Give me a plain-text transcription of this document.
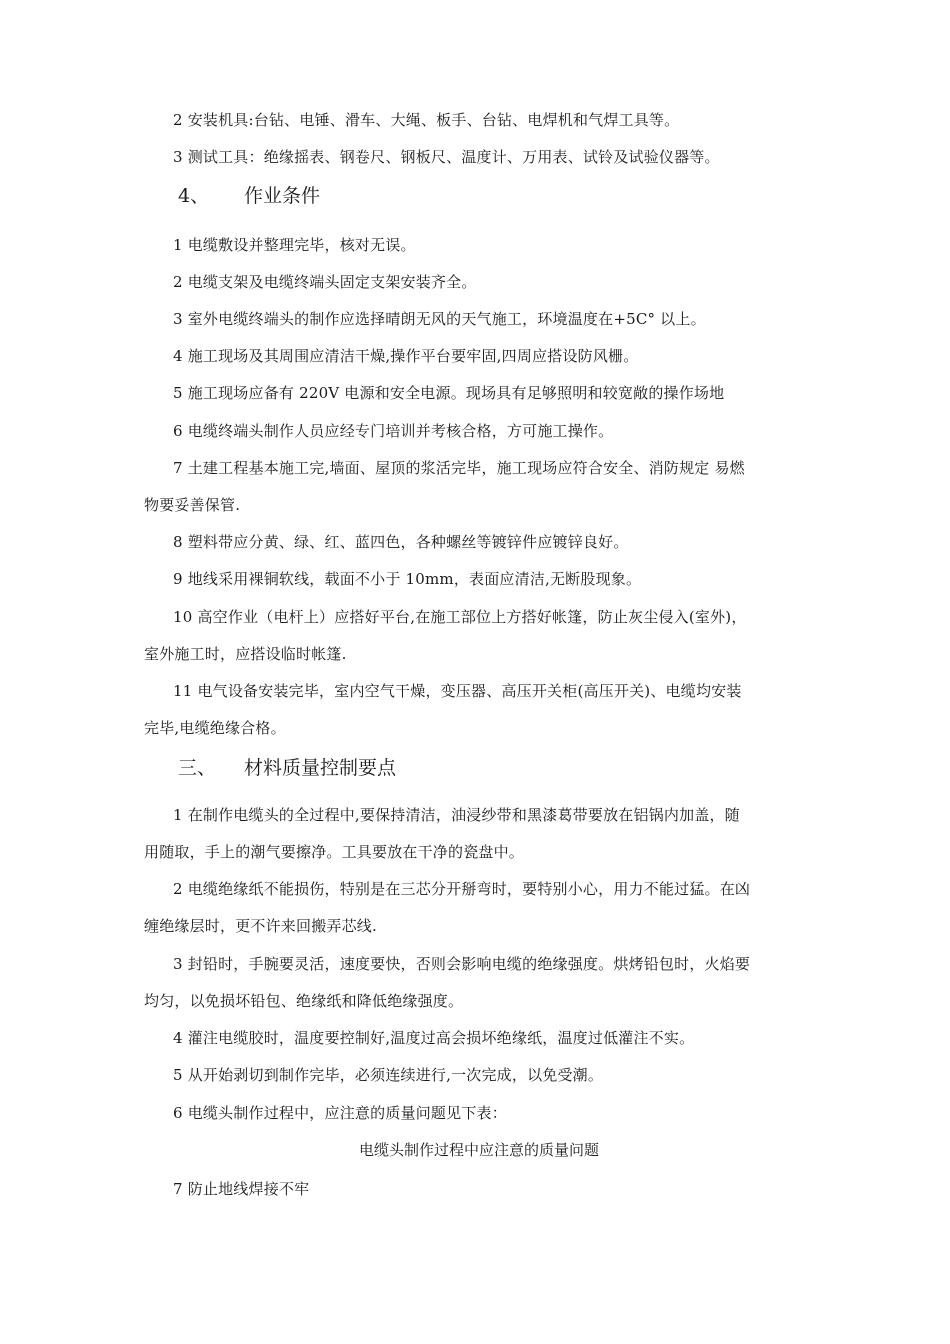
2 安装机具:台钻、电锤、滑车、大绳、板手、台钻、电焊机和气焊工具等。
3 测试工具：绝缘摇表、钢卷尺、钢板尺、温度计、万用表、试铃及试验仪器等。
4、 作业条件
1 电缆敷设并整理完毕，核对无误。
2 电缆支架及电缆终端头固定支架安装齐全。
3 室外电缆终端头的制作应选择晴朗无风的天气施工，环境温度在+5C° 以上。
4 施工现场及其周围应清洁干燥,操作平台要牢固,四周应搭设防风栅。
5 施工现场应备有 220V 电源和安全电源。现场具有足够照明和较宽敞的操作场地
6 电缆终端头制作人员应经专门培训并考核合格，方可施工操作。
7 土建工程基本施工完,墙面、屋顶的浆活完毕，施工现场应符合安全、消防规定 易燃
物要妥善保管.
8 塑料带应分黄、绿、红、蓝四色，各种螺丝等镀锌件应镀锌良好。
9 地线采用裸铜软线，载面不小于 10mm，表面应清洁,无断股现象。
10 高空作业（电杆上）应搭好平台,在施工部位上方搭好帐篷，防止灰尘侵入(室外)，
室外施工时，应搭设临时帐篷.
11 电气设备安装完毕，室内空气干燥，变压器、高压开关柜(高压开关)、电缆均安装
完毕,电缆绝缘合格。
三、 材料质量控制要点
1 在制作电缆头的全过程中,要保持清洁，油浸纱带和黑漆葛带要放在铝锅内加盖，随
用随取，手上的潮气要擦净。工具要放在干净的瓷盘中。
2 电缆绝缘纸不能损伤，特别是在三芯分开掰弯时，要特别小心，用力不能过猛。在凶
缠绝缘层时，更不许来回搬弄芯线.
3 封铅时，手腕要灵活，速度要快，否则会影响电缆的绝缘强度。烘烤铅包时，火焰要
均匀，以免损坏铅包、绝缘纸和降低绝缘强度。
4 灌注电缆胶时，温度要控制好,温度过高会损坏绝缘纸，温度过低灌注不实。
5 从开始剥切到制作完毕，必须连续进行,一次完成，以免受潮。
6 电缆头制作过程中，应注意的质量问题见下表：
电缆头制作过程中应注意的质量问题
7 防止地线焊接不牢
